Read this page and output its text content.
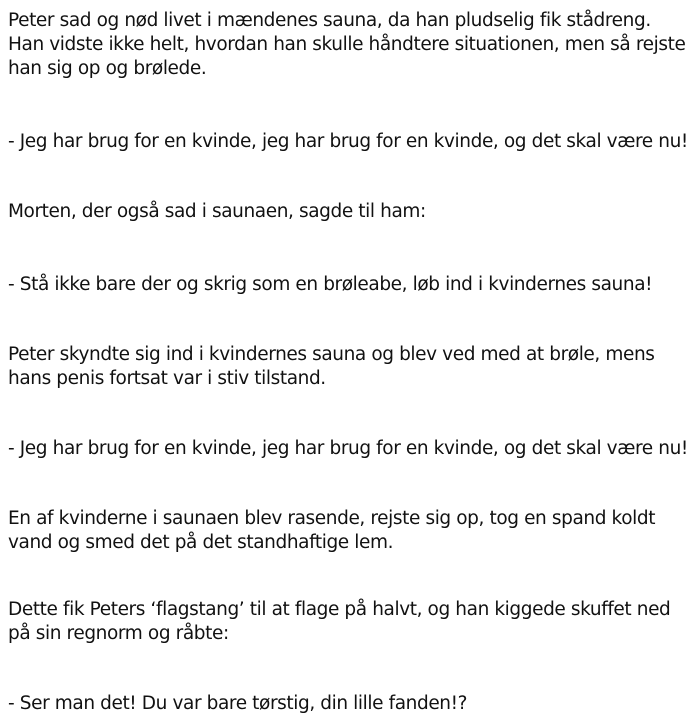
Peter sad og nød livet i mændenes sauna, da han pludselig fik stådreng. Han vidste ikke helt, hvordan han skulle håndtere situationen, men så rejste han sig op og brølede.

- Jeg har brug for en kvinde, jeg har brug for en kvinde, og det skal være nu!

Morten, der også sad i saunaen, sagde til ham:

- Stå ikke bare der og skrig som en brøleabe, løb ind i kvindernes sauna!

Peter skyndte sig ind i kvindernes sauna og blev ved med at brøle, mens hans penis fortsat var i stiv tilstand.

- Jeg har brug for en kvinde, jeg har brug for en kvinde, og det skal være nu!

En af kvinderne i saunaen blev rasende, rejste sig op, tog en spand koldt vand og smed det på det standhaftige lem.

Dette fik Peters ‘flagstang’ til at flage på halvt, og han kiggede skuffet ned på sin regnorm og råbte:

- Ser man det! Du var bare tørstig, din lille fanden!?
